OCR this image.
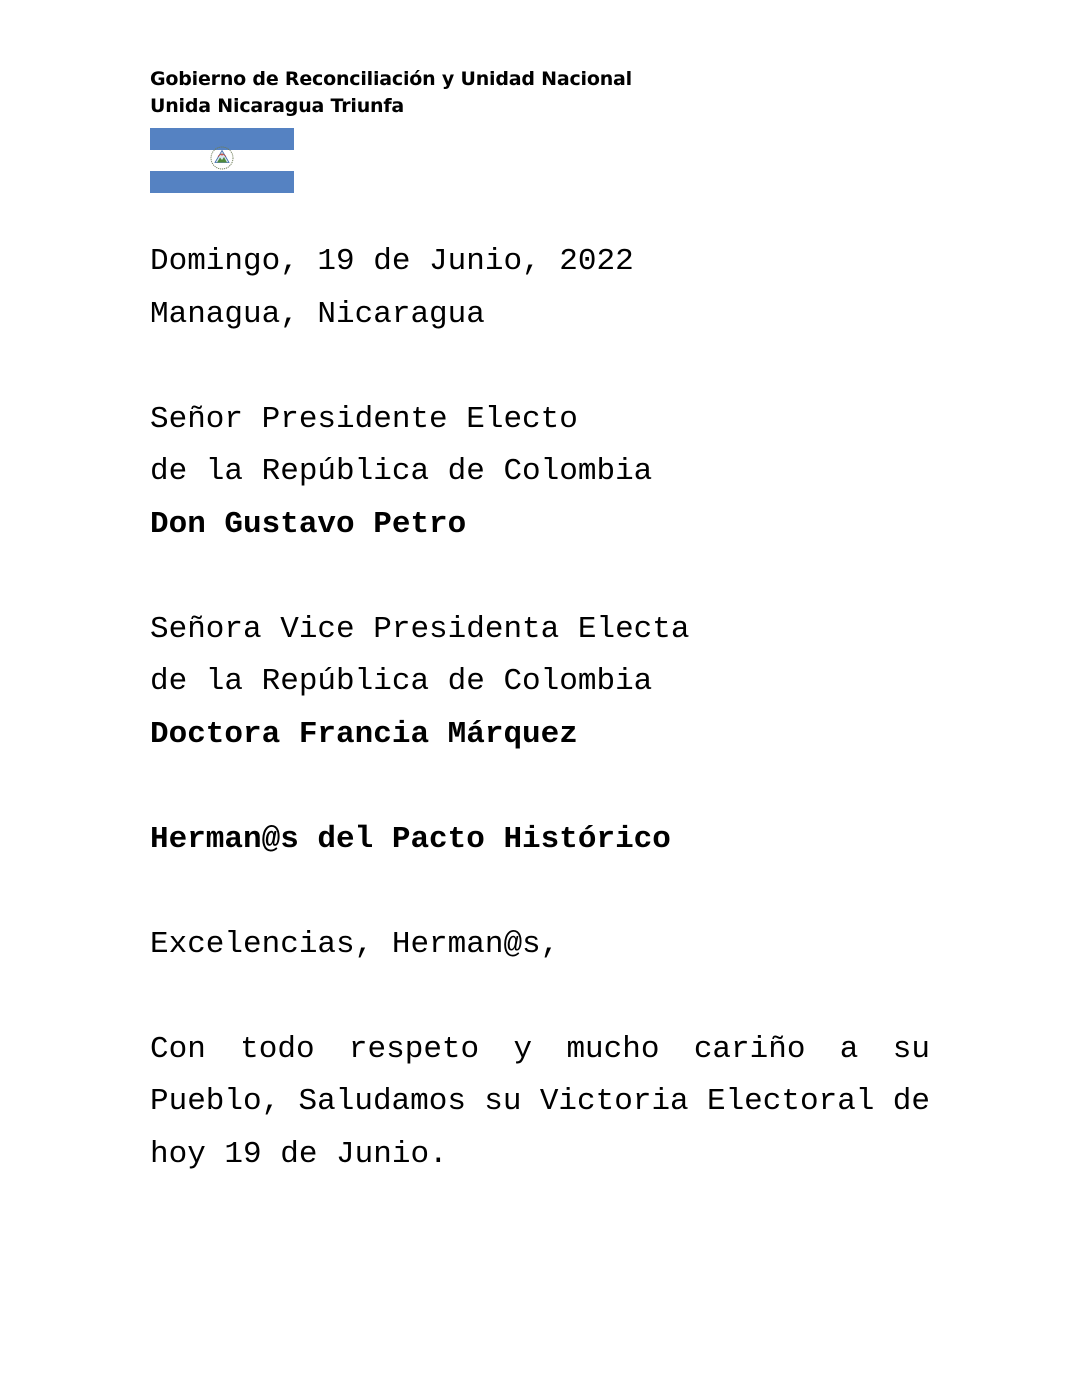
Gobierno de Reconciliación y Unidad Nacional
Unida Nicaragua Triunfa
Domingo, 19 de Junio, 2022
Managua, Nicaragua
Señor Presidente Electo
de la República de Colombia
Don Gustavo Petro
Señora Vice Presidenta Electa
de la República de Colombia
Doctora Francia Márquez
Herman@s del Pacto Histórico
Excelencias, Herman@s,
Con todo respeto y mucho cariño a su
Pueblo, Saludamos su Victoria Electoral de
hoy 19 de Junio.
